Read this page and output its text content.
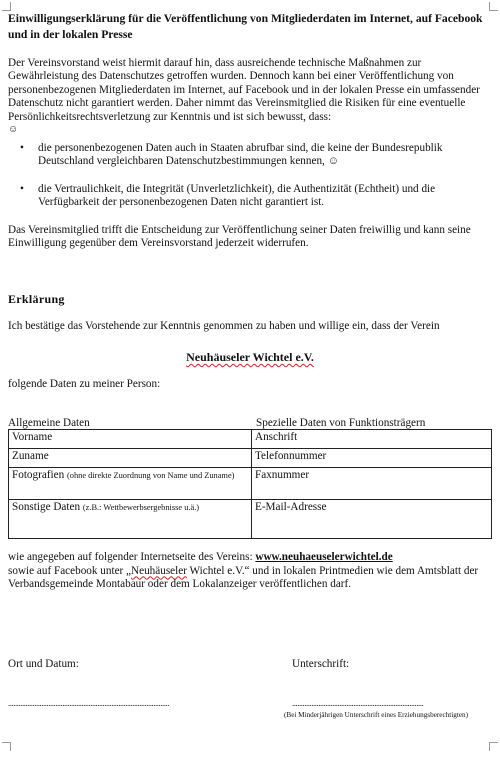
Einwilligungserklärung für die Veröffentlichung von Mitgliederdaten im Internet, auf Facebook und in der lokalen Presse

Der Vereinsvorstand weist hiermit darauf hin, dass ausreichende technische Maßnahmen zur Gewährleistung des Datenschutzes getroffen wurden. Dennoch kann bei einer Veröffentlichung von personenbezogenen Mitgliederdaten im Internet, auf Facebook und in der lokalen Presse ein umfassender Datenschutz nicht garantiert werden. Daher nimmt das Vereinsmitglied die Risiken für eine eventuelle Persönlichkeitsrechtsverletzung zur Kenntnis und ist sich bewusst, dass:
☺

• die personenbezogenen Daten auch in Staaten abrufbar sind, die keine der Bundesrepublik Deutschland vergleichbaren Datenschutzbestimmungen kennen, ☺
• die Vertraulichkeit, die Integrität (Unverletzlichkeit), die Authentizität (Echtheit) und die Verfügbarkeit der personenbezogenen Daten nicht garantiert ist.

Das Vereinsmitglied trifft die Entscheidung zur Veröffentlichung seiner Daten freiwillig und kann seine Einwilligung gegenüber dem Vereinsvorstand jederzeit widerrufen.

Erklärung

Ich bestätige das Vorstehende zur Kenntnis genommen zu haben und willige ein, dass der Verein

Neuhäuseler Wichtel e.V.

folgende Daten zu meiner Person:

Allgemeine Daten	Spezielle Daten von Funktionsträgern
Vorname	Anschrift
Zuname	Telefonnummer
Fotografien (ohne direkte Zuordnung von Name und Zuname)	Faxnummer
Sonstige Daten (z.B.: Wettbewerbsergebnisse u.ä.)	E-Mail-Adresse

wie angegeben auf folgender Internetseite des Vereins: www.neuhaeuselerwichtel.de
sowie auf Facebook unter „Neuhäuseler Wichtel e.V.“ und in lokalen Printmedien wie dem Amtsblatt der Verbandsgemeinde Montabaur oder dem Lokalanzeiger veröffentlichen darf.

Ort und Datum:	Unterschrift:
............................................................................................	...........................................................................
(Bei Minderjährigen Unterschrift eines Erziehungsberechtigten)
